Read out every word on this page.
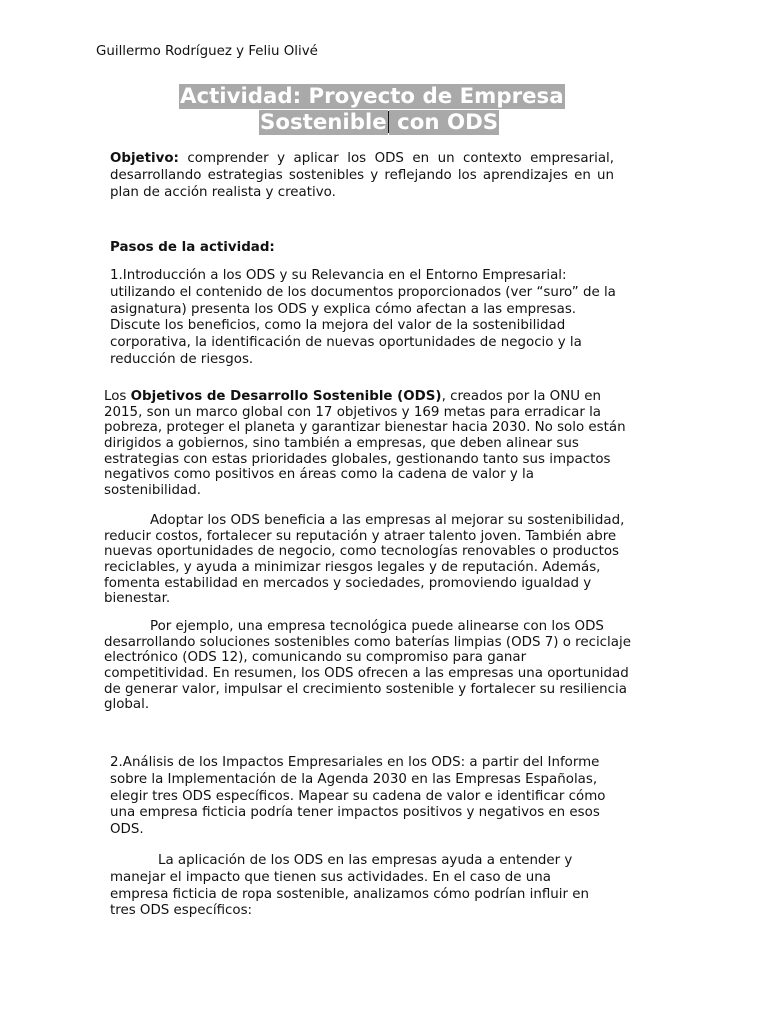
Guillermo Rodríguez y Feliu Olivé
Actividad: Proyecto de Empresa
Sostenible con ODS

Objetivo: comprender y aplicar los ODS en un contexto empresarial,

desarrollando estrategias sostenibles y reflejando los aprendizajes en un

plan de acción realista y creativo.

Pasos de la actividad:

1.Introducción a los ODS y su Relevancia en el Entorno Empresarial:

utilizando el contenido de los documentos proporcionados (ver “suro” de la

asignatura) presenta los ODS y explica cómo afectan a las empresas.

Discute los beneficios, como la mejora del valor de la sostenibilidad

corporativa, la identificación de nuevas oportunidades de negocio y la

reducción de riesgos.

Los Objetivos de Desarrollo Sostenible (ODS), creados por la ONU en

2015, son un marco global con 17 objetivos y 169 metas para erradicar la

pobreza, proteger el planeta y garantizar bienestar hacia 2030. No solo están

dirigidos a gobiernos, sino también a empresas, que deben alinear sus

estrategias con estas prioridades globales, gestionando tanto sus impactos

negativos como positivos en áreas como la cadena de valor y la

sostenibilidad.

Adoptar los ODS beneficia a las empresas al mejorar su sostenibilidad,

reducir costos, fortalecer su reputación y atraer talento joven. También abre

nuevas oportunidades de negocio, como tecnologías renovables o productos

reciclables, y ayuda a minimizar riesgos legales y de reputación. Además,

fomenta estabilidad en mercados y sociedades, promoviendo igualdad y

bienestar.

Por ejemplo, una empresa tecnológica puede alinearse con los ODS

desarrollando soluciones sostenibles como baterías limpias (ODS 7) o reciclaje

electrónico (ODS 12), comunicando su compromiso para ganar

competitividad. En resumen, los ODS ofrecen a las empresas una oportunidad

de generar valor, impulsar el crecimiento sostenible y fortalecer su resiliencia

global.

2.Análisis de los Impactos Empresariales en los ODS: a partir del Informe

sobre la Implementación de la Agenda 2030 en las Empresas Españolas,

elegir tres ODS específicos. Mapear su cadena de valor e identificar cómo

una empresa ficticia podría tener impactos positivos y negativos en esos

ODS.

La aplicación de los ODS en las empresas ayuda a entender y

manejar el impacto que tienen sus actividades. En el caso de una

empresa ficticia de ropa sostenible, analizamos cómo podrían influir en

tres ODS específicos:
